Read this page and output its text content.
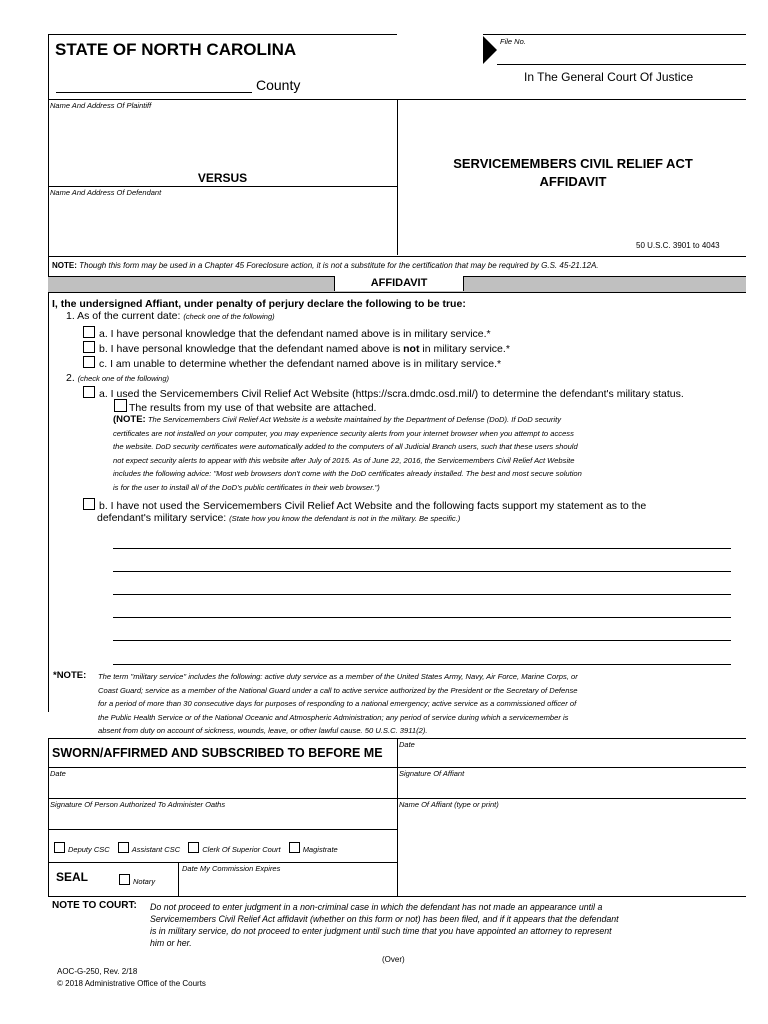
STATE OF NORTH CAROLINA
County
File No.
In The General Court Of Justice
Name And Address Of Plaintiff
VERSUS
Name And Address Of Defendant
SERVICEMEMBERS CIVIL RELIEF ACT
AFFIDAVIT
50 U.S.C. 3901 to 4043
NOTE: Though this form may be used in a Chapter 45 Foreclosure action, it is not a substitute for the certification that may be required by G.S. 45-21.12A.
AFFIDAVIT
I, the undersigned Affiant, under penalty of perjury declare the following to be true:
1. As of the current date: (check one of the following)
a. I have personal knowledge that the defendant named above is in military service.*
b. I have personal knowledge that the defendant named above is not in military service.*
c. I am unable to determine whether the defendant named above is in military service.*
2. (check one of the following)
a. I used the Servicemembers Civil Relief Act Website (https://scra.dmdc.osd.mil/) to determine the defendant's military status.
The results from my use of that website are attached.
(NOTE: The Servicemembers Civil Relief Act Website is a website maintained by the Department of Defense (DoD). If DoD security
certificates are not installed on your computer, you may experience security alerts from your internet browser when you attempt to access
the website. DoD security certificates were automatically added to the computers of all Judicial Branch users, such that these users should
not expect security alerts to appear with this website after July of 2015. As of June 22, 2016, the Servicemembers Civil Relief Act Website
includes the following advice: "Most web browsers don't come with the DoD certificates already installed. The best and most secure solution
is for the user to install all of the DoD's public certificates in their web browser.")
b. I have not used the Servicemembers Civil Relief Act Website and the following facts support my statement as to the
defendant's military service: (State how you know the defendant is not in the military. Be specific.)
*NOTE: The term "military service" includes the following: active duty service as a member of the United States Army, Navy, Air Force, Marine Corps, or
Coast Guard; service as a member of the National Guard under a call to active service authorized by the President or the Secretary of Defense
for a period of more than 30 consecutive days for purposes of responding to a national emergency; active service as a commissioned officer of
the Public Health Service or of the National Oceanic and Atmospheric Administration; any period of service during which a servicemember is
absent from duty on account of sickness, wounds, leave, or other lawful cause. 50 U.S.C. 3911(2).
SWORN/AFFIRMED AND SUBSCRIBED TO BEFORE ME
Date
Date	Signature Of Affiant
Signature Of Person Authorized To Administer Oaths	Name Of Affiant (type or print)
Deputy CSC	Assistant CSC	Clerk Of Superior Court	Magistrate
SEAL	Notary
Date My Commission Expires
NOTE TO COURT: Do not proceed to enter judgment in a non-criminal case in which the defendant has not made an appearance until a
Servicemembers Civil Relief Act affidavit (whether on this form or not) has been filed, and if it appears that the defendant
is in military service, do not proceed to enter judgment until such time that you have appointed an attorney to represent
him or her.
(Over)
AOC-G-250, Rev. 2/18
© 2018 Administrative Office of the Courts
